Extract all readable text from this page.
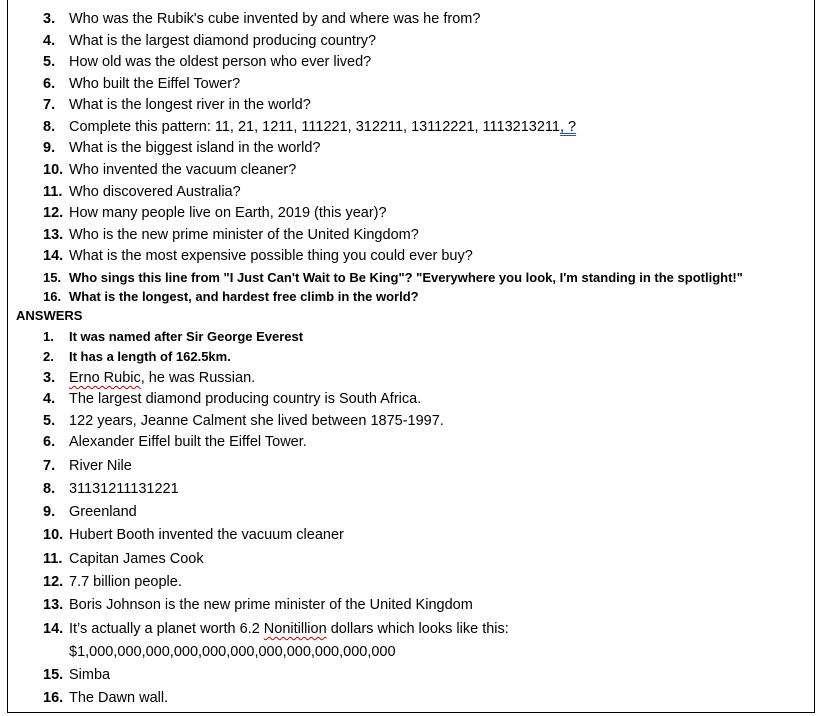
3. Who was the Rubik's cube invented by and where was he from?
4. What is the largest diamond producing country?
5. How old was the oldest person who ever lived?
6. Who built the Eiffel Tower?
7. What is the longest river in the world?
8. Complete this pattern: 11, 21, 1211, 111221, 312211, 13112221, 1113213211, ?
9. What is the biggest island in the world?
10. Who invented the vacuum cleaner?
11. Who discovered Australia?
12. How many people live on Earth, 2019 (this year)?
13. Who is the new prime minister of the United Kingdom?
14. What is the most expensive possible thing you could ever buy?
15. Who sings this line from "I Just Can't Wait to Be King"? "Everywhere you look, I'm standing in the spotlight!"
16. What is the longest, and hardest free climb in the world?
ANSWERS
1. It was named after Sir George Everest
2. It has a length of 162.5km.
3. Erno Rubic, he was Russian.
4. The largest diamond producing country is South Africa.
5. 122 years, Jeanne Calment she lived between 1875-1997.
6. Alexander Eiffel built the Eiffel Tower.
7. River Nile
8. 31131211131221
9. Greenland
10. Hubert Booth invented the vacuum cleaner
11. Capitan James Cook
12. 7.7 billion people.
13. Boris Johnson is the new prime minister of the United Kingdom
14. It’s actually a planet worth 6.2 Nonitillion dollars which looks like this:
$1,000,000,000,000,000,000,000,000,000,000,000
15. Simba
16. The Dawn wall.
